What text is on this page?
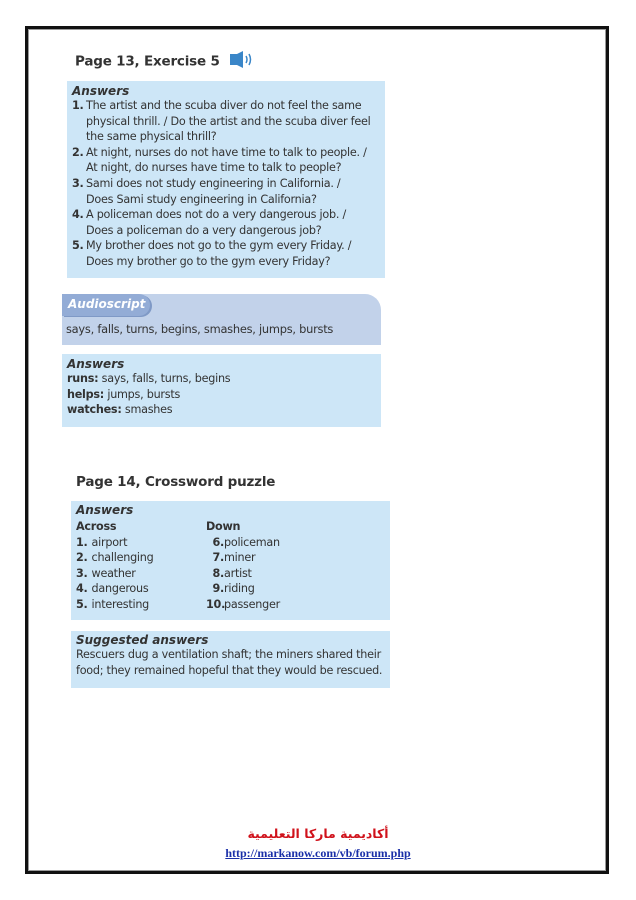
Page 13, Exercise 5
Answers
1. The artist and the scuba diver do not feel the same
physical thrill. / Do the artist and the scuba diver feel
the same physical thrill?
2. At night, nurses do not have time to talk to people. /
At night, do nurses have time to talk to people?
3. Sami does not study engineering in California. /
Does Sami study engineering in California?
4. A policeman does not do a very dangerous job. /
Does a policeman do a very dangerous job?
5. My brother does not go to the gym every Friday. /
Does my brother go to the gym every Friday?
Audioscript
says, falls, turns, begins, smashes, jumps, bursts
Answers
runs: says, falls, turns, begins
helps: jumps, bursts
watches: smashes
Page 14, Crossword puzzle
Answers
Across
1. airport
2. challenging
3. weather
4. dangerous
5. interesting
Down
6.policeman
7.miner
8.artist
9.riding
10.passenger
Suggested answers
Rescuers dug a ventilation shaft; the miners shared their
food; they remained hopeful that they would be rescued.
أكاديمية ماركا التعليمية
http://markanow.com/vb/forum.php
